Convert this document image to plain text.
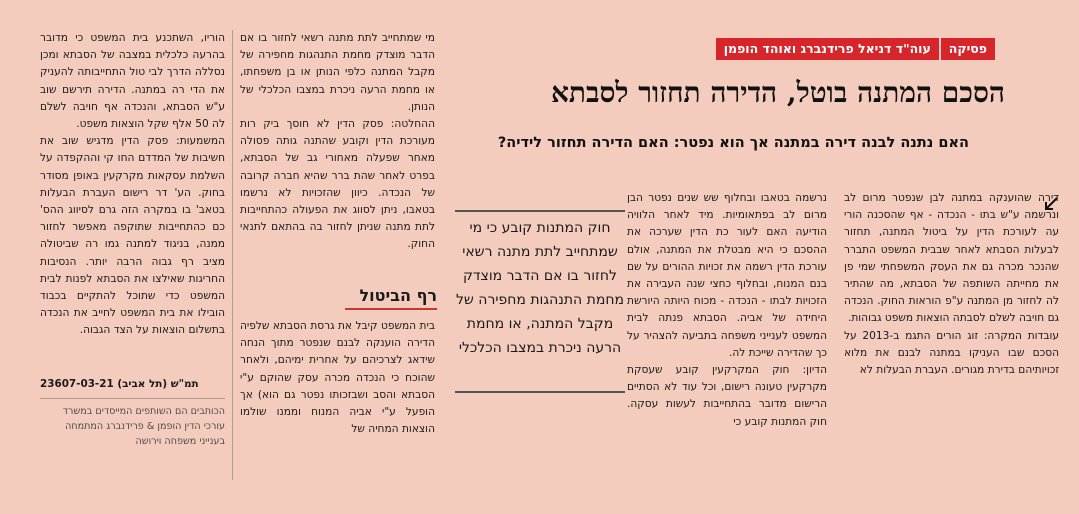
פסיקה
עוה"ד דניאל פרידנברג ואוהד הופמן
הסכם המתנה בוטל, הדירה תחזור לסבתא
האם נתנה לבנה דירה במתנה אך הוא נפטר: האם הדירה תחזור לידיה?

דירה שהוענקה במתנה לבן שנפטר מרום לב ונרשמה ע"ש בתו - הנכדה - אף שהסכנה הורי עה לעורכת הדין על ביטול המתנה, תחזור לבעלות הסבתא לאחר שבבית המשפט התברר שהנכר מכרה גם את העסק המשפחתי שמי פן את מחייתה השותפה של הסבתא, מה שהתיר לה לחזור מן המתנה ע"פ הוראות החוק. הנכדה גם חויבה לשלם לסבתה הוצאות משפט גבוהות.

עובדות המקרה: זוג הורים התגמ ב-2013 על הסכם שבו העניקו במתנה לבנם את מלוא זכויותיהם בדירת מגורים. העברת הבעלות לא

נרשמה בטאבו ובחלוף שש שנים נפטר הבן מרום לב בפתאומיות. מיד לאחר הלוויה הודיעה האם לעור כת הדין שערכה את ההסכם כי היא מבטלת את המתנה, אולם עורכת הדין רשמה את זכויות ההורים על שם בנם המנוח, ובחלוף כחצי שנה העבירה את הזכויות לבתו - הנכדה - מכוח היותה היורשת היחידה של אביה. הסבתא פנתה לבית המשפט לענייני משפחה בתביעה להצהיר על כך שהדירה שייכת לה.

הדיון: חוק המקרקעין קובע שעסקת מקרקעין טעונה רישום, וכל עוד לא הסתיים הרישום מדובר בהתחייבות לעשות עסקה. חוק המתנות קובע כי

חוק המתנות קובע כי מי שמתחייב לתת מתנה רשאי לחזור בו אם הדבר מוצדק מחמת התנהגות מחפירה של מקבל המתנה, או מחמת הרעה ניכרת במצבו הכלכלי

מי שמתחייב לתת מתנה רשאי לחזור בו אם הדבר מוצדק מחמת התנהגות מחפירה של מקבל המתנה כלפי הנותן או בן משפחתו, או מחמת הרעה ניכרת במצבו הכלכלי של הנותן.

ההחלטה: פסק הדין לא חוסך ביק רות מעורכת הדין וקובע שהתנה גותה פסולה מאחר שפעלה מאחורי גב של הסבתא, בפרט לאחר שהת ברר שהיא חברה קרובה של הנכדה. כיוון שהזכויות לא נרשמו בטאבו, ניתן לסווג את הפעולה כהתחייבות לתת מתנה שניתן לחזור בה בהתאם לתנאי החוק.

רף הביטול

בית המשפט קיבל את גרסת הסבתא שלפיה הדירה הוענקה לבנם שנפטר מתוך הנחה שידאג לצרכיהם על אחרית ימיהם, ולאחר שהוכח כי הנכדה מכרה עסק שהוקם ע"י הסבתא והסב ושבזכותו נפטר גם הוא) אך הופעל ע"י אביה המנוח וממנו שולמו הוצאות המחיה של

הוריו, השתכנע בית המשפט כי מדובר בהרעה כלכלית במצבה של הסבתא ומכן נסללה הדרך לבי טול התחייבותה להעניק את הדי רה במתנה. הדירה תירשם שוב ע"ש הסבתא, והנכדה אף חויבה לשלם לה 50 אלף שקל הוצאות משפט.

המשמעות: פסק הדין מדגיש שוב את חשיבות של המדדם החו קי וההקפדה על השלמת עסקאות מקרקעין באופן מסודר בחוק. הע' דר רישום העברת הבעלות בטאב' בו במקרה הזה גרם לסיווג ההס' כם כהתחייבות שתוקפה מאפשר לחזור ממנה, בניגוד למתנה גמו רה שביטולה מציב רף גבוה הרבה יותר. הנסיבות החריגות שאילצו את הסבתא לפנות לבית המשפט כדי שתוכל להתקיים בכבוד הובילו את בית המשפט לחייב את הנכדה בתשלום הוצאות על הצד הגבוה.

תמ"ש (תל אביב) 23607-03-21
הכותבים הם השותפים המייסדים במשרד עורכי הדין הופמן & פרידנברג המתמחה בענייני משפחה וירושה
